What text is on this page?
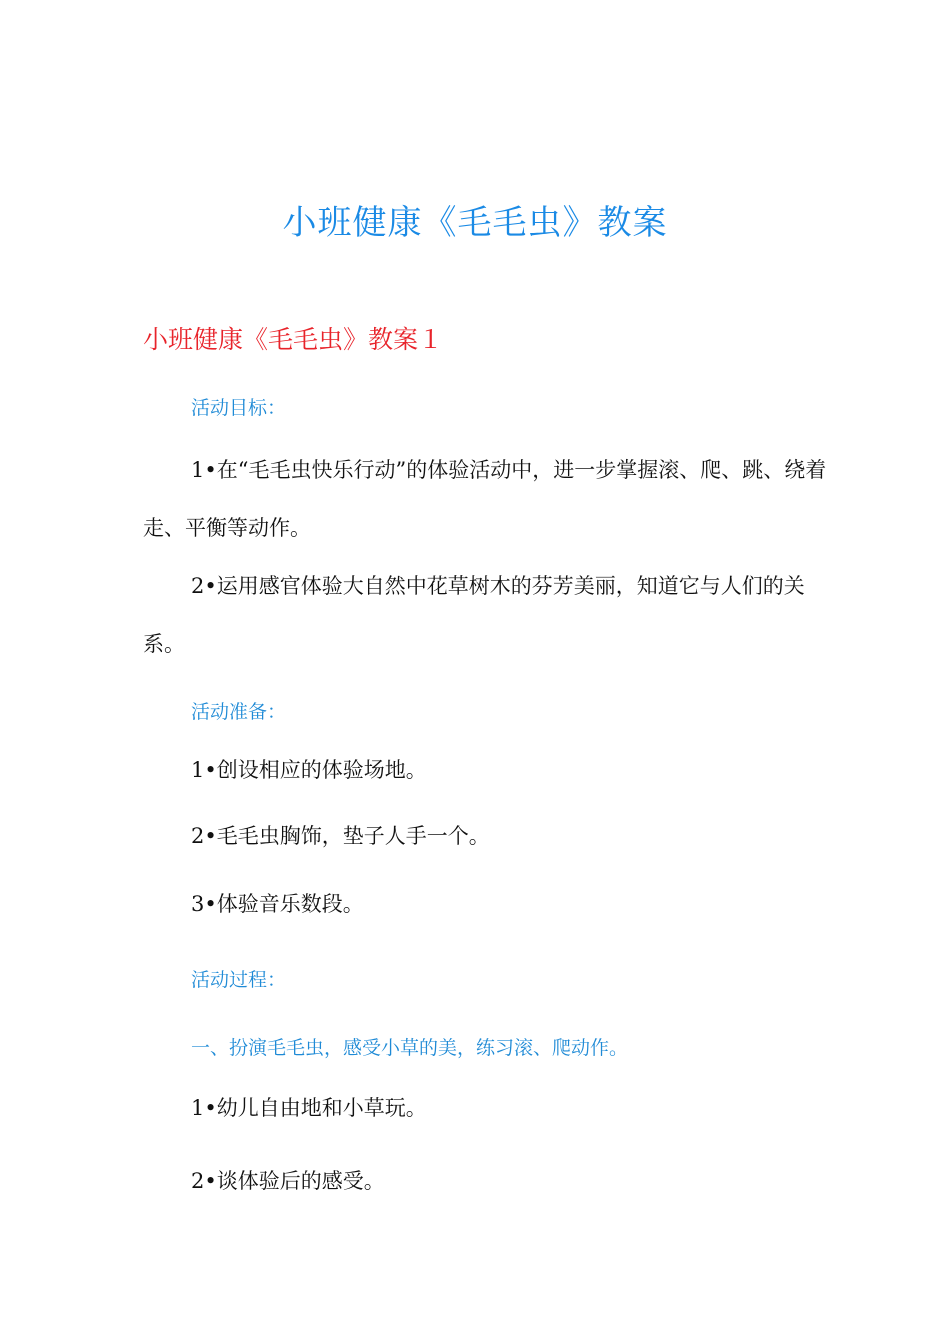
小班健康《毛毛虫》教案
小班健康《毛毛虫》教案１
活动目标：
1•在“毛毛虫快乐行动”的体验活动中，进一步掌握滚、爬、跳、绕着走、平衡等动作。
2•运用感官体验大自然中花草树木的芬芳美丽，知道它与人们的关系。
活动准备：
1•创设相应的体验场地。
2•毛毛虫胸饰，垫子人手一个。
3•体验音乐数段。
活动过程：
一、扮演毛毛虫，感受小草的美，练习滚、爬动作。
1•幼儿自由地和小草玩。
2•谈体验后的感受。
